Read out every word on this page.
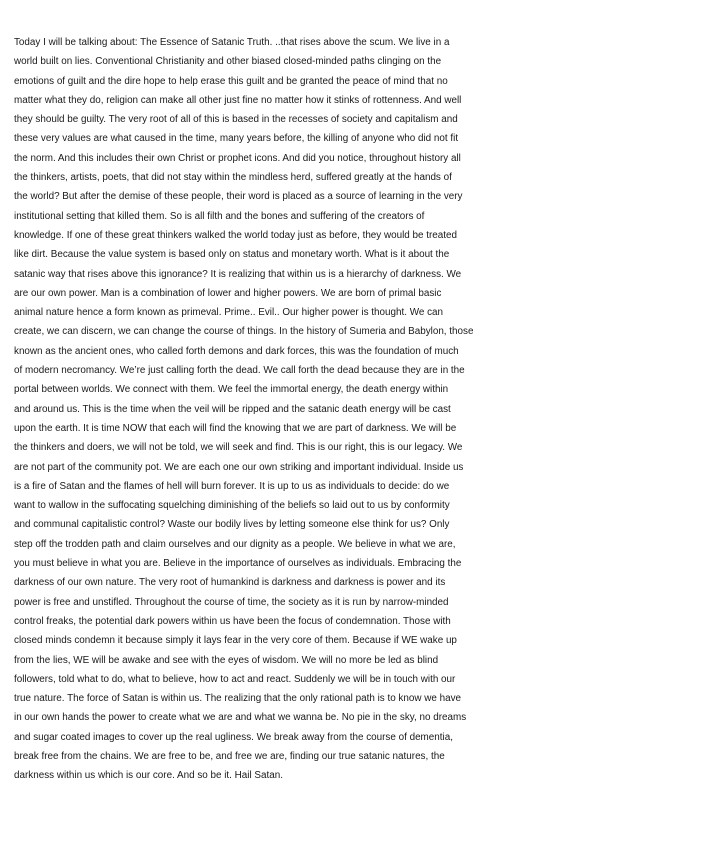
Today I will be talking about: The Essence of Satanic Truth. ..that rises above the scum. We live in a
world built on lies. Conventional Christianity and other biased closed-minded paths clinging on the
emotions of guilt and the dire hope to help erase this guilt and be granted the peace of mind that no
matter what they do, religion can make all other just fine no matter how it stinks of rottenness. And well
they should be guilty. The very root of all of this is based in the recesses of society and capitalism and
these very values are what caused in the time, many years before, the killing of anyone who did not fit
the norm. And this includes their own Christ or prophet icons. And did you notice, throughout history all
the thinkers, artists, poets, that did not stay within the mindless herd, suffered greatly at the hands of
the world? But after the demise of these people, their word is placed as a source of learning in the very
institutional setting that killed them. So is all filth and the bones and suffering of the creators of
knowledge. If one of these great thinkers walked the world today just as before, they would be treated
like dirt. Because the value system is based only on status and monetary worth. What is it about the
satanic way that rises above this ignorance? It is realizing that within us is a hierarchy of darkness. We
are our own power. Man is a combination of lower and higher powers. We are born of primal basic
animal nature hence a form known as primeval. Prime.. Evil.. Our higher power is thought. We can
create, we can discern, we can change the course of things. In the history of Sumeria and Babylon, those
known as the ancient ones, who called forth demons and dark forces, this was the foundation of much
of modern necromancy. We’re just calling forth the dead. We call forth the dead because they are in the
portal between worlds. We connect with them. We feel the immortal energy, the death energy within
and around us. This is the time when the veil will be ripped and the satanic death energy will be cast
upon the earth. It is time NOW that each will find the knowing that we are part of darkness. We will be
the thinkers and doers, we will not be told, we will seek and find. This is our right, this is our legacy. We
are not part of the community pot. We are each one our own striking and important individual. Inside us
is a fire of Satan and the flames of hell will burn forever. It is up to us as individuals to decide: do we
want to wallow in the suffocating squelching diminishing of the beliefs so laid out to us by conformity
and communal capitalistic control? Waste our bodily lives by letting someone else think for us? Only
step off the trodden path and claim ourselves and our dignity as a people. We believe in what we are,
you must believe in what you are. Believe in the importance of ourselves as individuals. Embracing the
darkness of our own nature. The very root of humankind is darkness and darkness is power and its
power is free and unstifled. Throughout the course of time, the society as it is run by narrow-minded
control freaks, the potential dark powers within us have been the focus of condemnation. Those with
closed minds condemn it because simply it lays fear in the very core of them. Because if WE wake up
from the lies, WE will be awake and see with the eyes of wisdom. We will no more be led as blind
followers, told what to do, what to believe, how to act and react. Suddenly we will be in touch with our
true nature. The force of Satan is within us. The realizing that the only rational path is to know we have
in our own hands the power to create what we are and what we wanna be. No pie in the sky, no dreams
and sugar coated images to cover up the real ugliness. We break away from the course of dementia,
break free from the chains. We are free to be, and free we are, finding our true satanic natures, the
darkness within us which is our core. And so be it. Hail Satan.
